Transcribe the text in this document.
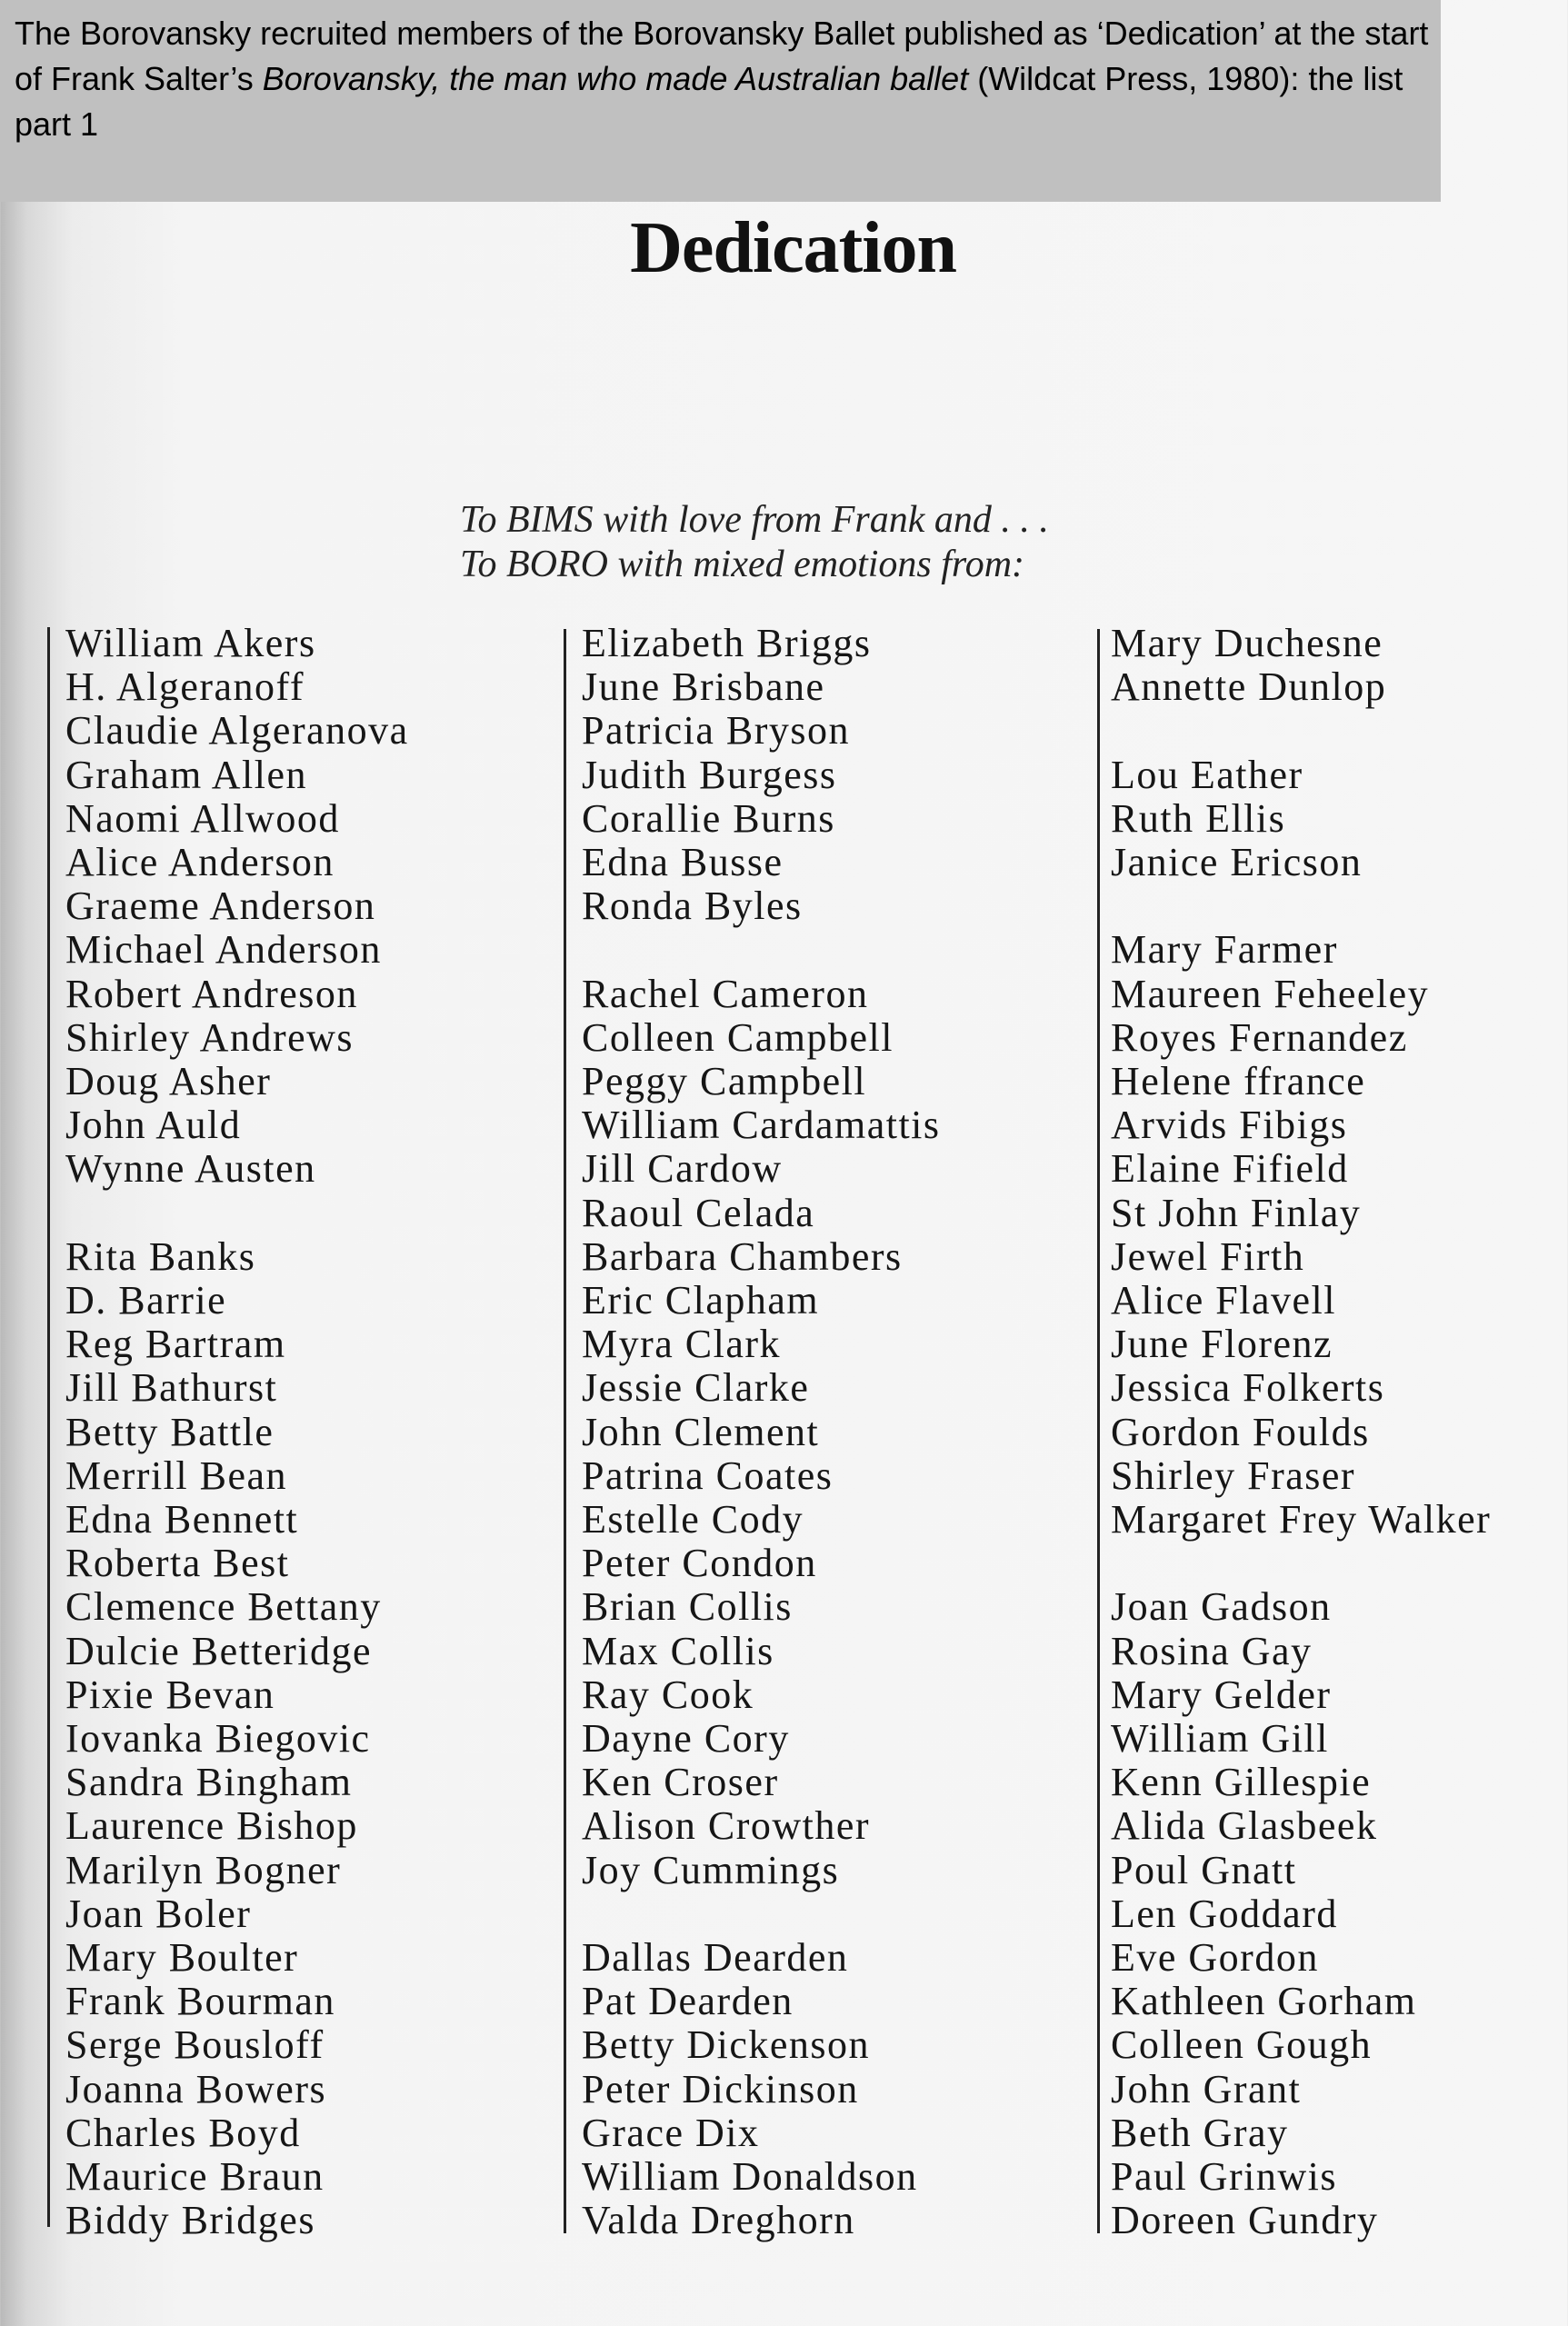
The Borovansky recruited members of the Borovansky Ballet published as ‘Dedication’ at the start of Frank Salter’s Borovansky, the man who made Australian ballet (Wildcat Press, 1980): the list part 1
Dedication
To BIMS with love from Frank and . . .
To BORO with mixed emotions from:
William Akers
H. Algeranoff
Claudie Algeranova
Graham Allen
Naomi Allwood
Alice Anderson
Graeme Anderson
Michael Anderson
Robert Andreson
Shirley Andrews
Doug Asher
John Auld
Wynne Austen
Rita Banks
D. Barrie
Reg Bartram
Jill Bathurst
Betty Battle
Merrill Bean
Edna Bennett
Roberta Best
Clemence Bettany
Dulcie Betteridge
Pixie Bevan
Iovanka Biegovic
Sandra Bingham
Laurence Bishop
Marilyn Bogner
Joan Boler
Mary Boulter
Frank Bourman
Serge Bousloff
Joanna Bowers
Charles Boyd
Maurice Braun
Biddy Bridges
Elizabeth Briggs
June Brisbane
Patricia Bryson
Judith Burgess
Corallie Burns
Edna Busse
Ronda Byles
Rachel Cameron
Colleen Campbell
Peggy Campbell
William Cardamattis
Jill Cardow
Raoul Celada
Barbara Chambers
Eric Clapham
Myra Clark
Jessie Clarke
John Clement
Patrina Coates
Estelle Cody
Peter Condon
Brian Collis
Max Collis
Ray Cook
Dayne Cory
Ken Croser
Alison Crowther
Joy Cummings
Dallas Dearden
Pat Dearden
Betty Dickenson
Peter Dickinson
Grace Dix
William Donaldson
Valda Dreghorn
Mary Duchesne
Annette Dunlop
Lou Eather
Ruth Ellis
Janice Ericson
Mary Farmer
Maureen Feheeley
Royes Fernandez
Helene ffrance
Arvids Fibigs
Elaine Fifield
St John Finlay
Jewel Firth
Alice Flavell
June Florenz
Jessica Folkerts
Gordon Foulds
Shirley Fraser
Margaret Frey Walker
Joan Gadson
Rosina Gay
Mary Gelder
William Gill
Kenn Gillespie
Alida Glasbeek
Poul Gnatt
Len Goddard
Eve Gordon
Kathleen Gorham
Colleen Gough
John Grant
Beth Gray
Paul Grinwis
Doreen Gundry
